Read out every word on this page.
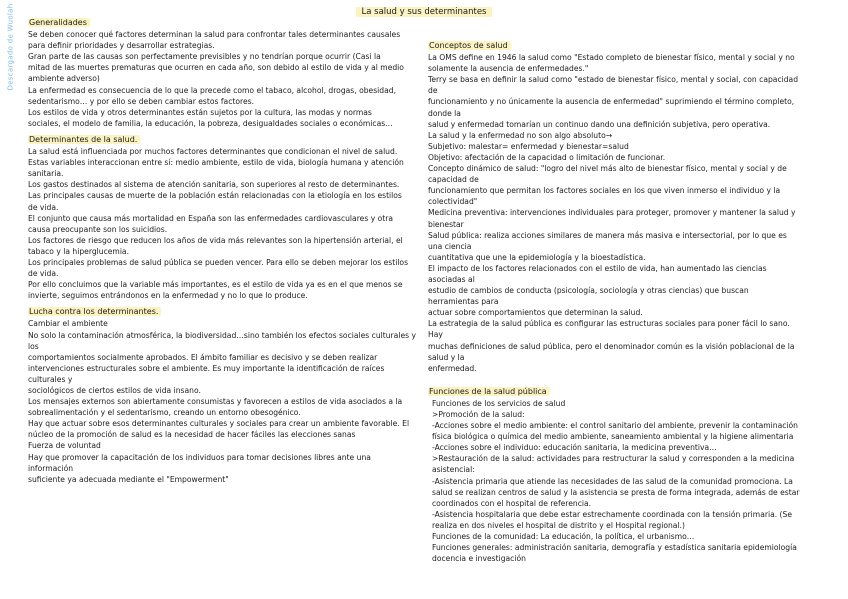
Descargado de Wuolah	La salud y sus determinantes
Generalidades

Se deben conocer qué factores determinan la salud para confrontar tales determinantes causales

para definir prioridades y desarrollar estrategias.

Gran parte de las causas son perfectamente previsibles y no tendrían porque ocurrir (Casi la

mitad de las muertes prematuras que ocurren en cada año, son debido al estilo de vida y al medio

ambiente adverso)

La enfermedad es consecuencia de lo que la precede como el tabaco, alcohol, drogas, obesidad,

sedentarismo… y por ello se deben cambiar estos factores.

Los estilos de vida y otros determinantes están sujetos por la cultura, las modas y normas

sociales, el modelo de familia, la educación, la pobreza, desigualdades sociales o económicas…

Determinantes de la salud.

La salud está influenciada por muchos factores determinantes que condicionan el nivel de salud.

Estas variables interaccionan entre sí: medio ambiente, estilo de vida, biología humana y atención

sanitaria.

Los gastos destinados al sistema de atención sanitaria, son superiores al resto de determinantes.

Las principales causas de muerte de la población están relacionadas con la etiología en los estilos

de vida.

El conjunto que causa más mortalidad en España son las enfermedades cardiovasculares y otra

causa preocupante son los suicidios.

Los factores de riesgo que reducen los años de vida más relevantes son la hipertensión arterial, el

tabaco y la hiperglucemia.

Los principales problemas de salud pública se pueden vencer. Para ello se deben mejorar los estilos

de vida.

Por ello concluimos que la variable más importantes, es el estilo de vida ya es en el que menos se

invierte, seguimos entrándonos en la enfermedad y no lo que lo produce.

Lucha contra los determinantes.

Cambiar el ambiente

No solo la contaminación atmosférica, la biodiversidad…sino también los efectos sociales culturales y los

comportamientos socialmente aprobados. El ámbito familiar es decisivo y se deben realizar

intervenciones estructurales sobre el ambiente. Es muy importante la identificación de raíces culturales y

sociológicos de ciertos estilos de vida insano.

Los mensajes externos son abiertamente consumistas y favorecen a estilos de vida asociados a la

sobrealimentación y el sedentarismo, creando un entorno obesogénico.

Hay que actuar sobre esos determinantes culturales y sociales para crear un ambiente favorable. El

núcleo de la promoción de salud es la necesidad de hacer fáciles las elecciones sanas

Fuerza de voluntad

Hay que promover la capacitación de los individuos para tomar decisiones libres ante una información

suficiente ya adecuada mediante el "Empowerment"

Conceptos de salud

La OMS define en 1946 la salud como "Estado completo de bienestar físico, mental y social y no

solamente la ausencia de enfermedades."

Terry se basa en definir la salud como "estado de bienestar físico, mental y social, con capacidad de

funcionamiento y no únicamente la ausencia de enfermedad" suprimiendo el término completo, donde la

salud y enfermedad tomarían un continuo dando una definición subjetiva, pero operativa.

La salud y la enfermedad no son algo absoluto→

Subjetivo: malestar= enfermedad y bienestar=salud

Objetivo: afectación de la capacidad o limitación de funcionar.

Concepto dinámico de salud: "logro del nivel más alto de bienestar físico, mental y social y de capacidad de

funcionamiento que permitan los factores sociales en los que viven inmerso el individuo y la colectividad"

Medicina preventiva: intervenciones individuales para proteger, promover y mantener la salud y bienestar

Salud pública: realiza acciones similares de manera más masiva e intersectorial, por lo que es una ciencia

cuantitativa que une la epidemiología y la bioestadística.

El impacto de los factores relacionados con el estilo de vida, han aumentado las ciencias asociadas al

estudio de cambios de conducta (psicología, sociología y otras ciencias) que buscan herramientas para

actuar sobre comportamientos que determinan la salud.

La estrategia de la salud pública es configurar las estructuras sociales para poner fácil lo sano. Hay

muchas definiciones de salud pública, pero el denominador común es la visión poblacional de la salud y la

enfermedad.

Funciones de la salud pública

Funciones de los servicios de salud

>Promoción de la salud:

-Acciones sobre el medio ambiente: el control sanitario del ambiente, prevenir la contaminación

física biológica o química del medio ambiente, saneamiento ambiental y la higiene alimentaria

-Acciones sobre el individuo: educación sanitaria, la medicina preventiva…

>Restauración de la salud: actividades para restructurar la salud y corresponden a la medicina

asistencial:

-Asistencia primaria que atiende las necesidades de las salud de la comunidad promociona. La

salud se realizan centros de salud y la asistencia se presta de forma integrada, además de estar

coordinados con el hospital de referencia.

-Asistencia hospitalaria que debe estar estrechamente coordinada con la tensión primaria. (Se

realiza en dos niveles el hospital de distrito y el Hospital regional.)

Funciones de la comunidad: La educación, la política, el urbanismo…

Funciones generales: administración sanitaria, demografía y estadística sanitaria epidemiología

docencia e investigación
